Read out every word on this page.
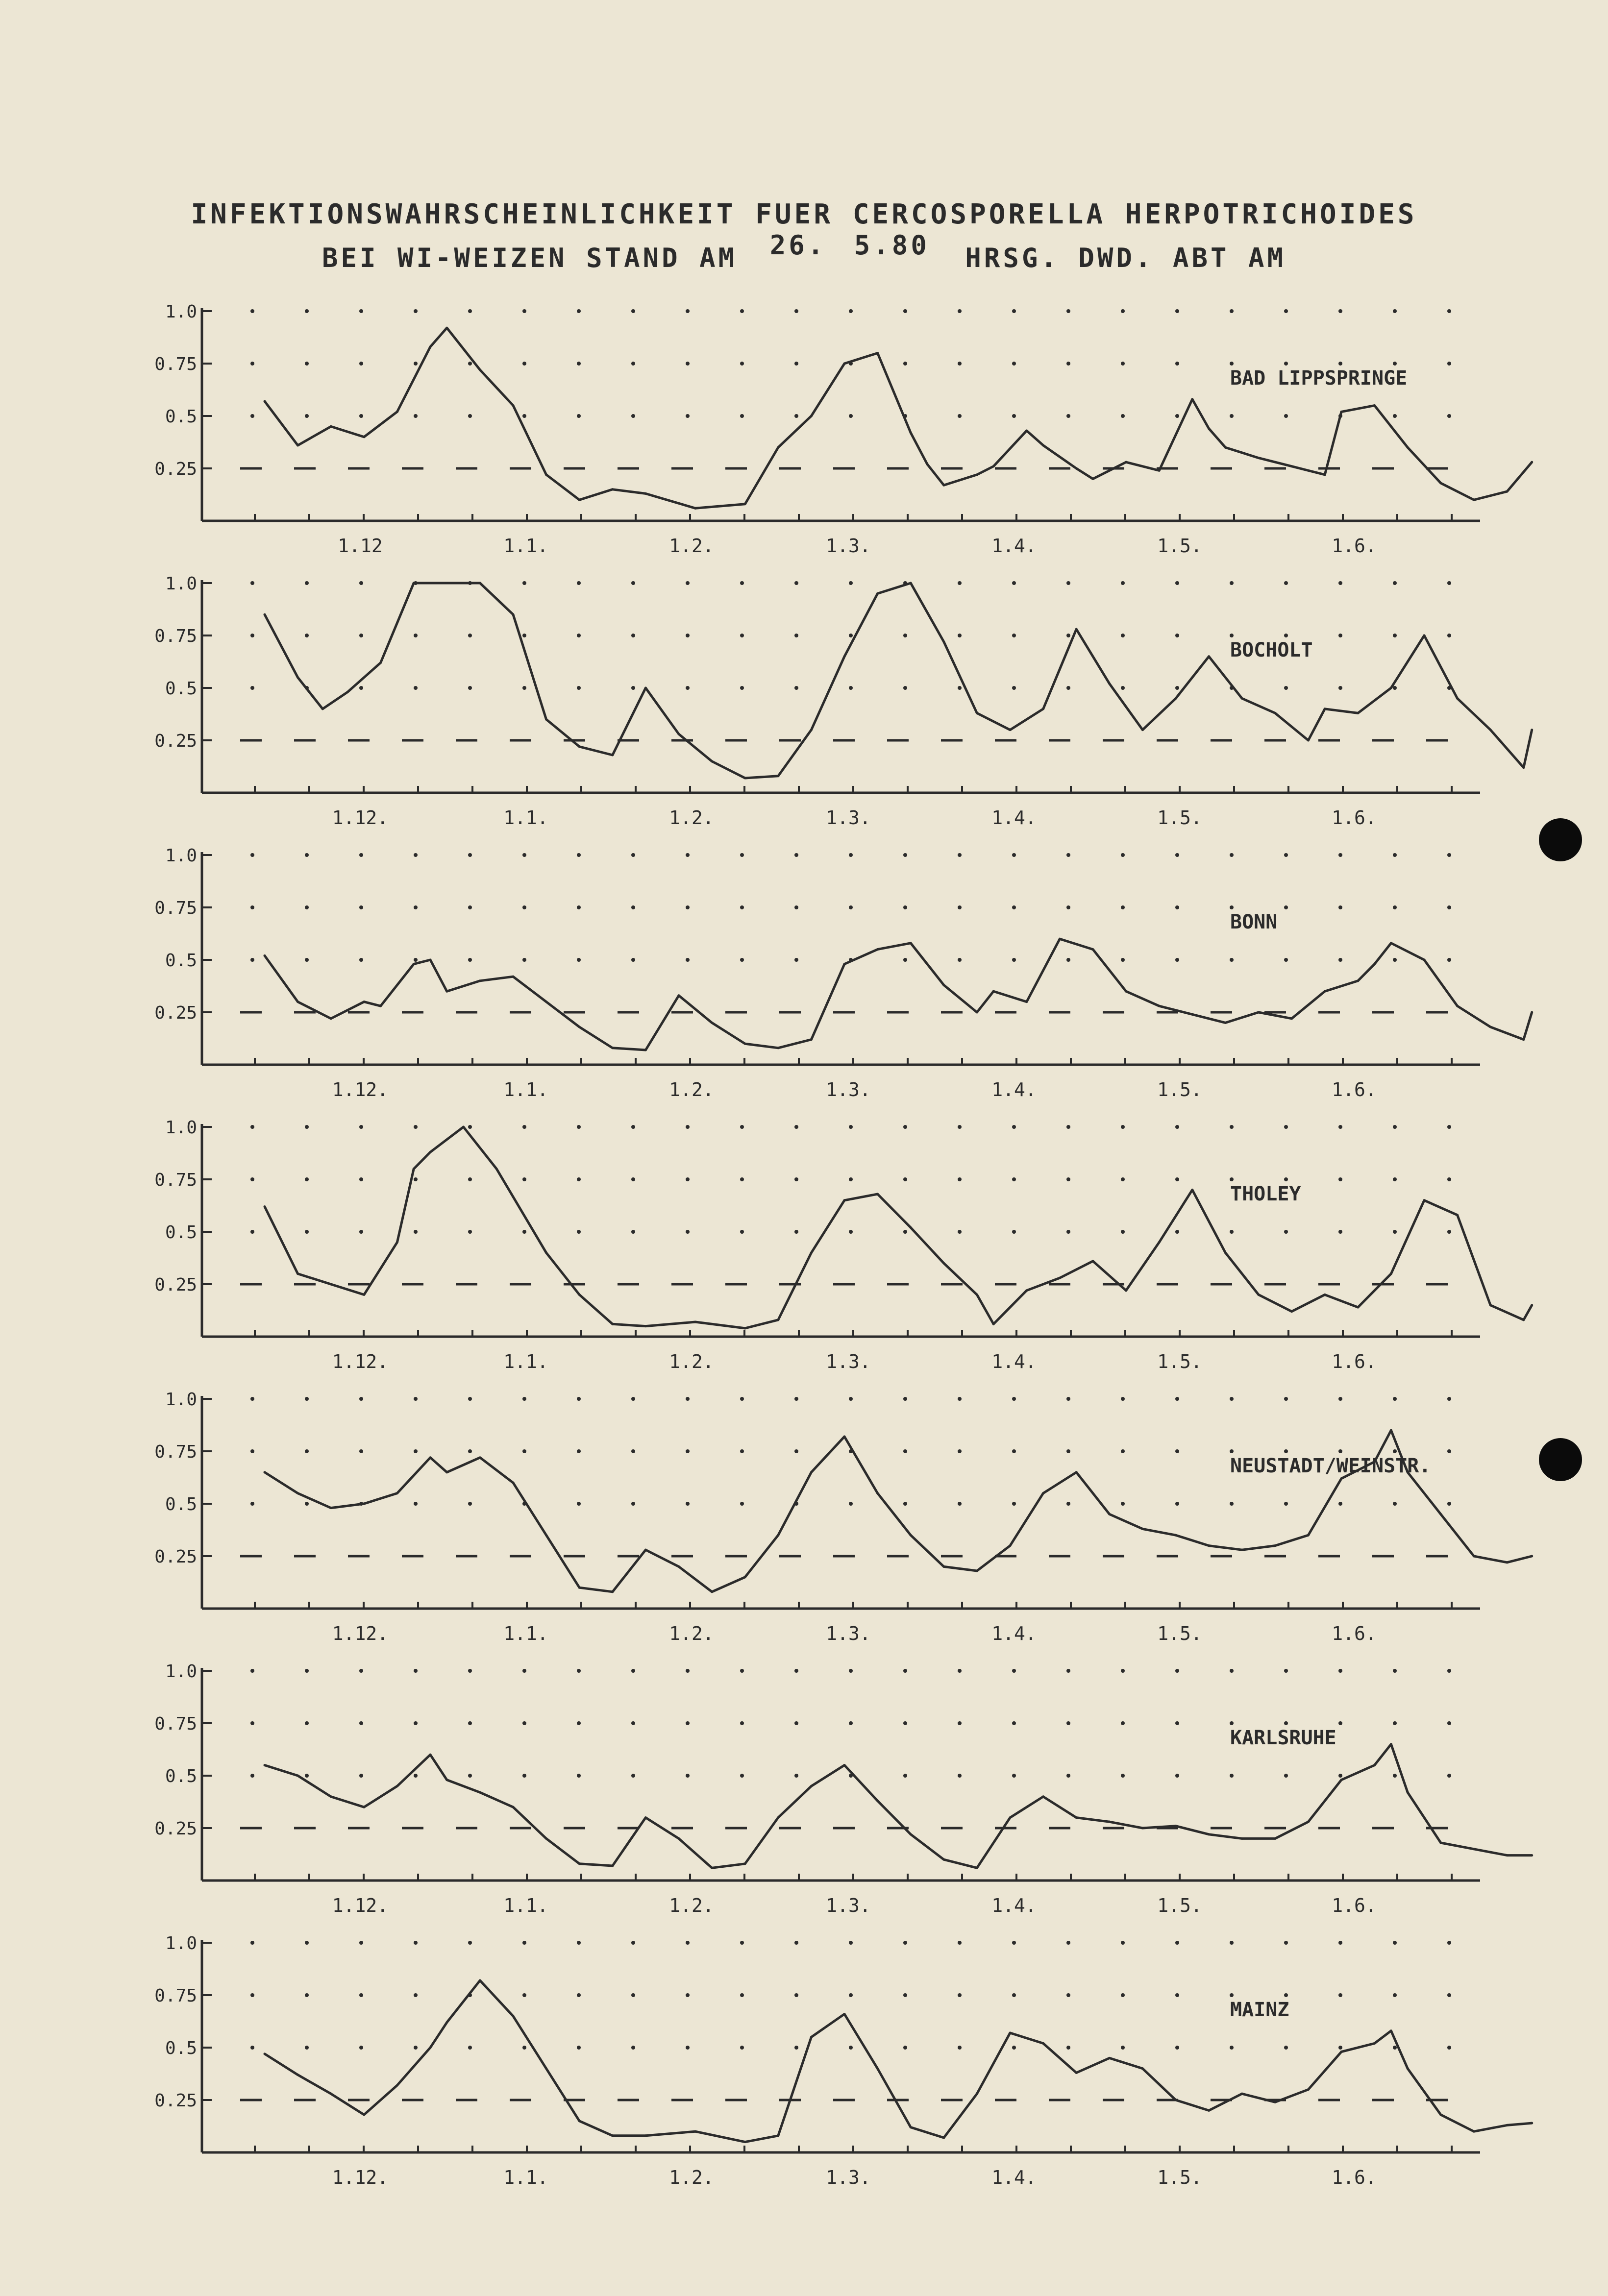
INFEKTIONSWAHRSCHEINLICHKEIT FUER CERCOSPORELLA HERPOTRICHOIDES
BEI WI-WEIZEN STAND AM 26. 5.80 HRSG. DWD. ABT AM
1.0
0.75
0.5
0.25
1.12	1.1.	1.2.	1.3.	1.4.	1.5.	1.6.
BAD LIPPSPRINGE
1.0
0.75
0.5
0.25
1.12.	1.1.	1.2.	1.3.	1.4.	1.5.	1.6.
BOCHOLT
1.0
0.75
0.5
0.25
1.12.	1.1.	1.2.	1.3.	1.4.	1.5.	1.6.
BONN
1.0
0.75
0.5
0.25
1.12.	1.1.	1.2.	1.3.	1.4.	1.5.	1.6.
THOLEY
1.0
0.75
0.5
0.25
1.12.	1.1.	1.2.	1.3.	1.4.	1.5.	1.6.
NEUSTADT/WEINSTR.
1.0
0.75
0.5
0.25
1.12.	1.1.	1.2.	1.3.	1.4.	1.5.	1.6.
KARLSRUHE
1.0
0.75
0.5
0.25
1.12.	1.1.	1.2.	1.3.	1.4.	1.5.	1.6.
MAINZ
